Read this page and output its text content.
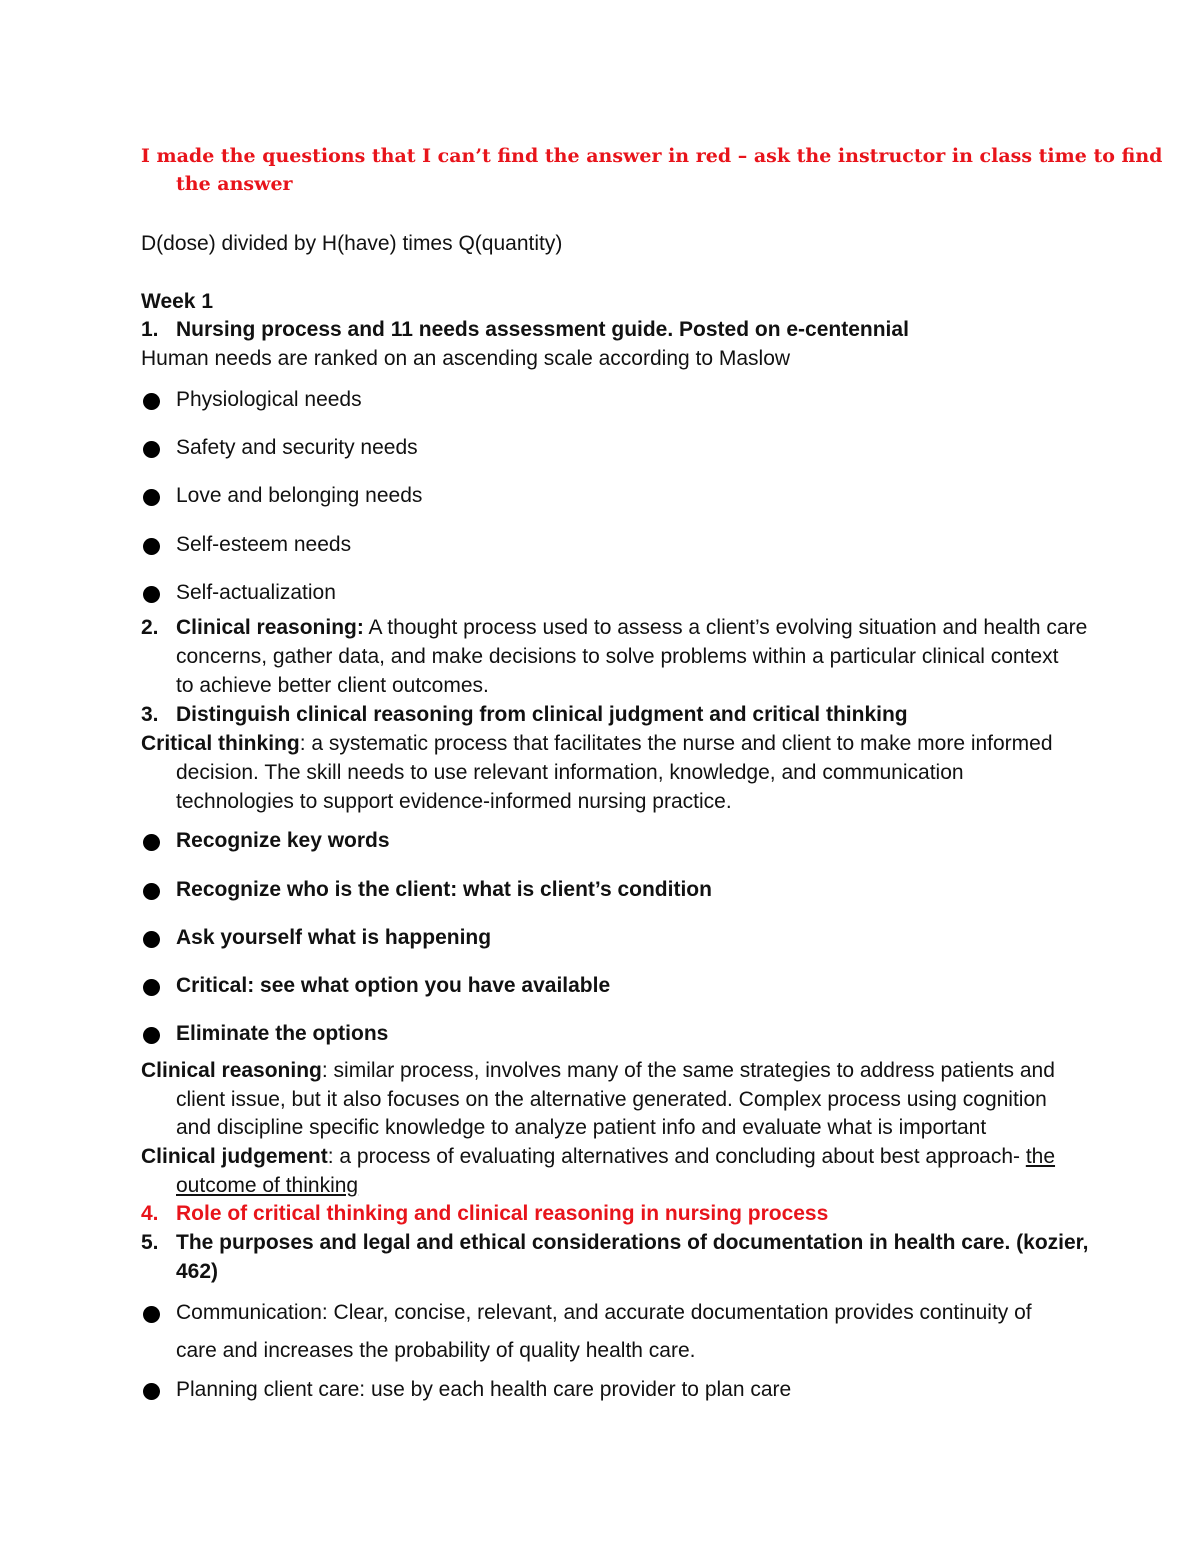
I made the questions that I can’t find the answer in red – ask the instructor in class time to find
the answer
D(dose) divided by H(have) times Q(quantity)
Week 1
1. Nursing process and 11 needs assessment guide. Posted on e-centennial
Human needs are ranked on an ascending scale according to Maslow
Physiological needs
Safety and security needs
Love and belonging needs
Self-esteem needs
Self-actualization
2. Clinical reasoning: A thought process used to assess a client’s evolving situation and health care
concerns, gather data, and make decisions to solve problems within a particular clinical context
to achieve better client outcomes.
3. Distinguish clinical reasoning from clinical judgment and critical thinking
Critical thinking: a systematic process that facilitates the nurse and client to make more informed
decision. The skill needs to use relevant information, knowledge, and communication
technologies to support evidence-informed nursing practice.
Recognize key words
Recognize who is the client: what is client’s condition
Ask yourself what is happening
Critical: see what option you have available
Eliminate the options
Clinical reasoning: similar process, involves many of the same strategies to address patients and
client issue, but it also focuses on the alternative generated. Complex process using cognition
and discipline specific knowledge to analyze patient info and evaluate what is important
Clinical judgement: a process of evaluating alternatives and concluding about best approach- the
outcome of thinking
4. Role of critical thinking and clinical reasoning in nursing process
5. The purposes and legal and ethical considerations of documentation in health care. (kozier,
462)
Communication: Clear, concise, relevant, and accurate documentation provides continuity of
care and increases the probability of quality health care.
Planning client care: use by each health care provider to plan care
